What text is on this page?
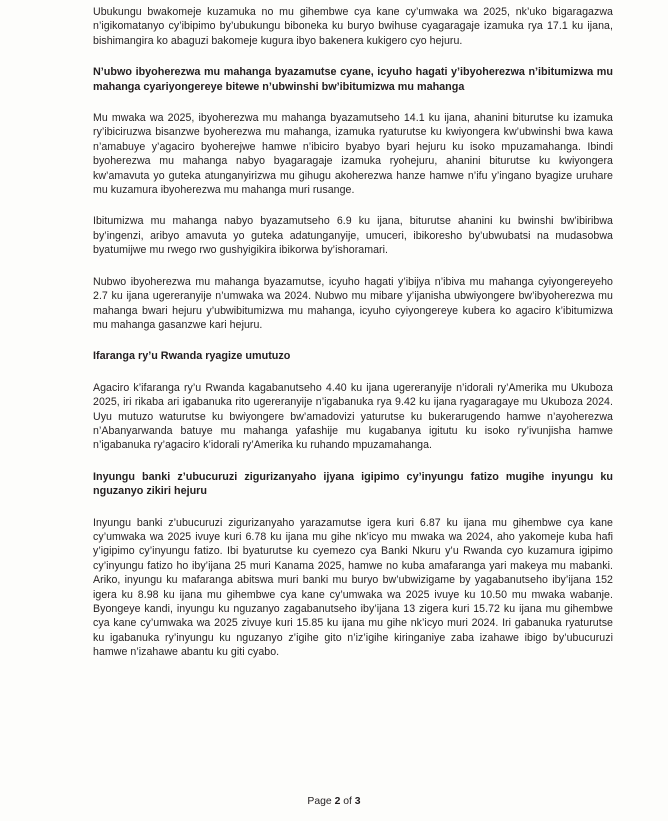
Ubukungu bwakomeje kuzamuka no mu gihembwe cya kane cy’umwaka wa 2025, nk’uko bigaragazwa n’igikomatanyo cy’ibipimo by’ubukungu biboneka ku buryo bwihuse cyagaragaje izamuka rya 17.1 ku ijana, bishimangira ko abaguzi bakomeje kugura ibyo bakenera kukigero cyo hejuru.

N’ubwo ibyoherezwa mu mahanga byazamutse cyane, icyuho hagati y’ibyoherezwa n’ibitumizwa mu mahanga cyariyongereye bitewe n’ubwinshi bw’ibitumizwa mu mahanga

Mu mwaka wa 2025, ibyoherezwa mu mahanga byazamutseho 14.1 ku ijana, ahanini biturutse ku izamuka ry’ibiciruzwa bisanzwe byoherezwa mu mahanga, izamuka ryaturutse ku kwiyongera kw’ubwinshi bwa kawa n’amabuye y’agaciro byoherejwe hamwe n’ibiciro byabyo byari hejuru ku isoko mpuzamahanga. Ibindi byoherezwa mu mahanga nabyo byagaragaje izamuka ryohejuru, ahanini biturutse ku kwiyongera kw’amavuta yo guteka atunganyirizwa mu gihugu akoherezwa hanze hamwe n’ifu y’ingano byagize uruhare mu kuzamura ibyoherezwa mu mahanga muri rusange.

Ibitumizwa mu mahanga nabyo byazamutseho 6.9 ku ijana, biturutse ahanini ku bwinshi bw’ibiribwa by’ingenzi, aribyo amavuta yo guteka adatunganyije, umuceri, ibikoresho by’ubwubatsi na mudasobwa byatumijwe mu rwego rwo gushyigikira ibikorwa by’ishoramari.

Nubwo ibyoherezwa mu mahanga byazamutse, icyuho hagati y’ibijya n’ibiva mu mahanga cyiyongereyeho 2.7 ku ijana ugereranyije n’umwaka wa 2024. Nubwo mu mibare y’ijanisha ubwiyongere bw’ibyoherezwa mu mahanga bwari hejuru y’ubwibitumizwa mu mahanga, icyuho cyiyongereye kubera ko agaciro k’ibitumizwa mu mahanga gasanzwe kari hejuru.

Ifaranga ry’u Rwanda ryagize umutuzo

Agaciro k’ifaranga ry’u Rwanda kagabanutseho 4.40 ku ijana ugereranyije n’idorali ry’Amerika mu Ukuboza 2025, iri rikaba ari igabanuka rito ugereranyije n’igabanuka rya 9.42 ku ijana ryagaragaye mu Ukuboza 2024. Uyu mutuzo waturutse ku bwiyongere bw’amadovizi yaturutse ku bukerarugendo hamwe n’ayoherezwa n’Abanyarwanda batuye mu mahanga yafashije mu kugabanya igitutu ku isoko ry’ivunjisha hamwe n’igabanuka ry’agaciro k’idorali ry’Amerika ku ruhando mpuzamahanga.

Inyungu banki z’ubucuruzi zigurizanyaho ijyana igipimo cy’inyungu fatizo mugihe inyungu ku nguzanyo zikiri hejuru

Inyungu banki z’ubucuruzi zigurizanyaho yarazamutse igera kuri 6.87 ku ijana mu gihembwe cya kane cy’umwaka wa 2025 ivuye kuri 6.78 ku ijana mu gihe nk’icyo mu mwaka wa 2024, aho yakomeje kuba hafi y’igipimo cy’inyungu fatizo. Ibi byaturutse ku cyemezo cya Banki Nkuru y’u Rwanda cyo kuzamura igipimo cy’inyungu fatizo ho iby’ijana 25 muri Kanama 2025, hamwe no kuba amafaranga yari makeya mu mabanki. Ariko, inyungu ku mafaranga abitswa muri banki mu buryo bw’ubwizigame by yagabanutseho iby’ijana 152 igera ku 8.98 ku ijana mu gihembwe cya kane cy’umwaka wa 2025 ivuye ku 10.50 mu mwaka wabanje. Byongeye kandi, inyungu ku nguzanyo zagabanutseho iby’ijana 13 zigera kuri 15.72 ku ijana mu gihembwe cya kane cy’umwaka wa 2025 zivuye kuri 15.85 ku ijana mu gihe nk’icyo muri 2024. Iri gabanuka ryaturutse ku igabanuka ry’inyungu ku nguzanyo z’igihe gito n’iz’igihe kiringaniye zaba izahawe ibigo by’ubucuruzi hamwe n’izahawe abantu ku giti cyabo.

Page 2 of 3
